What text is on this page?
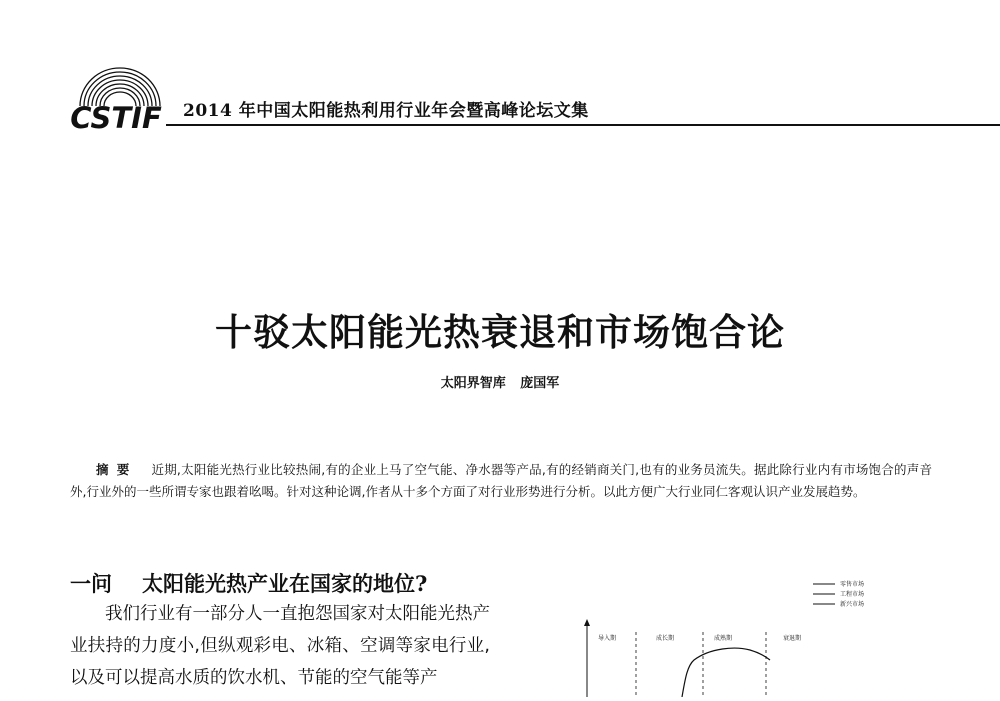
CSTIF 2014 年中国太阳能热利用行业年会暨高峰论坛文集
十驳太阳能光热衰退和市场饱合论
太阳界智库 庞国军
摘要 近期,太阳能光热行业比较热闹,有的企业上马了空气能、净水器等产品,有的经销商关门,也有的业务员流失。据此除行业内有市场饱合的声音外,行业外的一些所谓专家也跟着吆喝。针对这种论调,作者从十多个方面了对行业形势进行分析。以此方便广大行业同仁客观认识产业发展趋势。
一问 太阳能光热产业在国家的地位?
我们行业有一部分人一直抱怨国家对太阳能光热产业扶持的力度小,但纵观彩电、冰箱、空调等家电行业,以及可以提高水质的饮水机、节能的空气能等产
零售市场
工程市场
新兴市场
导入期	成长期	成熟期	衰退期
